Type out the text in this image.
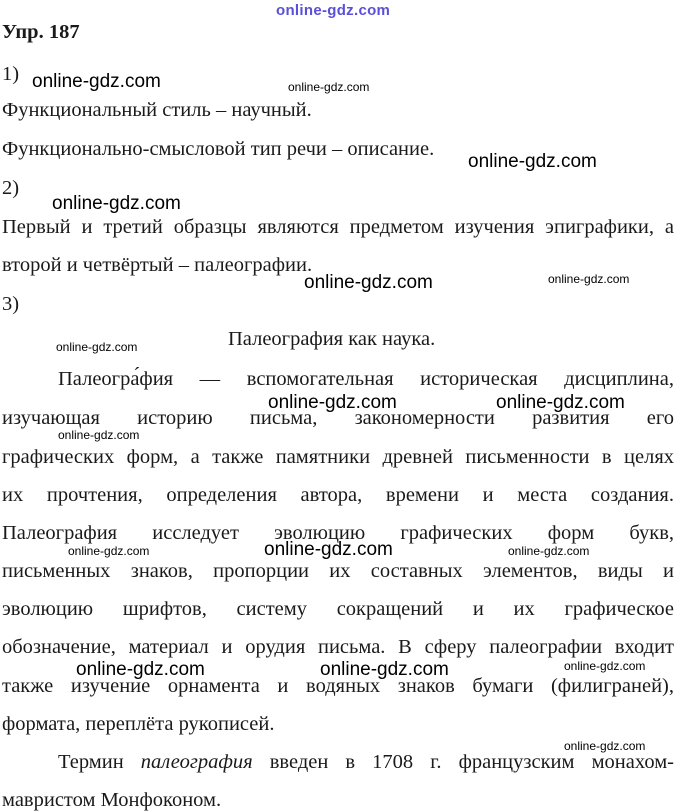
online-gdz.com
Упр. 187
1)
Функциональный стиль – научный.
Функционально-смысловой тип речи – описание.
2)
Первый и третий образцы являются предметом изучения эпиграфики, а
второй и четвёртый – палеографии.
3)
Палеография как наука.
Палеогра́фия — вспомогательная историческая дисциплина,
изучающая историю письма, закономерности развития его
графических форм, а также памятники древней письменности в целях
их прочтения, определения автора, времени и места создания.
Палеография исследует эволюцию графических форм букв,
письменных знаков, пропорции их составных элементов, виды и
эволюцию шрифтов, систему сокращений и их графическое
обозначение, материал и орудия письма. В сферу палеографии входит
также изучение орнамента и водяных знаков бумаги (филиграней),
формата, переплёта рукописей.
Термин палеография введен в 1708 г. французским монахом-
мавристом Монфоконом.
online-gdz.com	online-gdz.com
online-gdz.com
online-gdz.com
online-gdz.com	online-gdz.com
online-gdz.com
online-gdz.com	online-gdz.com
online-gdz.com
online-gdz.com	online-gdz.com	online-gdz.com
online-gdz.com	online-gdz.com	online-gdz.com
online-gdz.com
